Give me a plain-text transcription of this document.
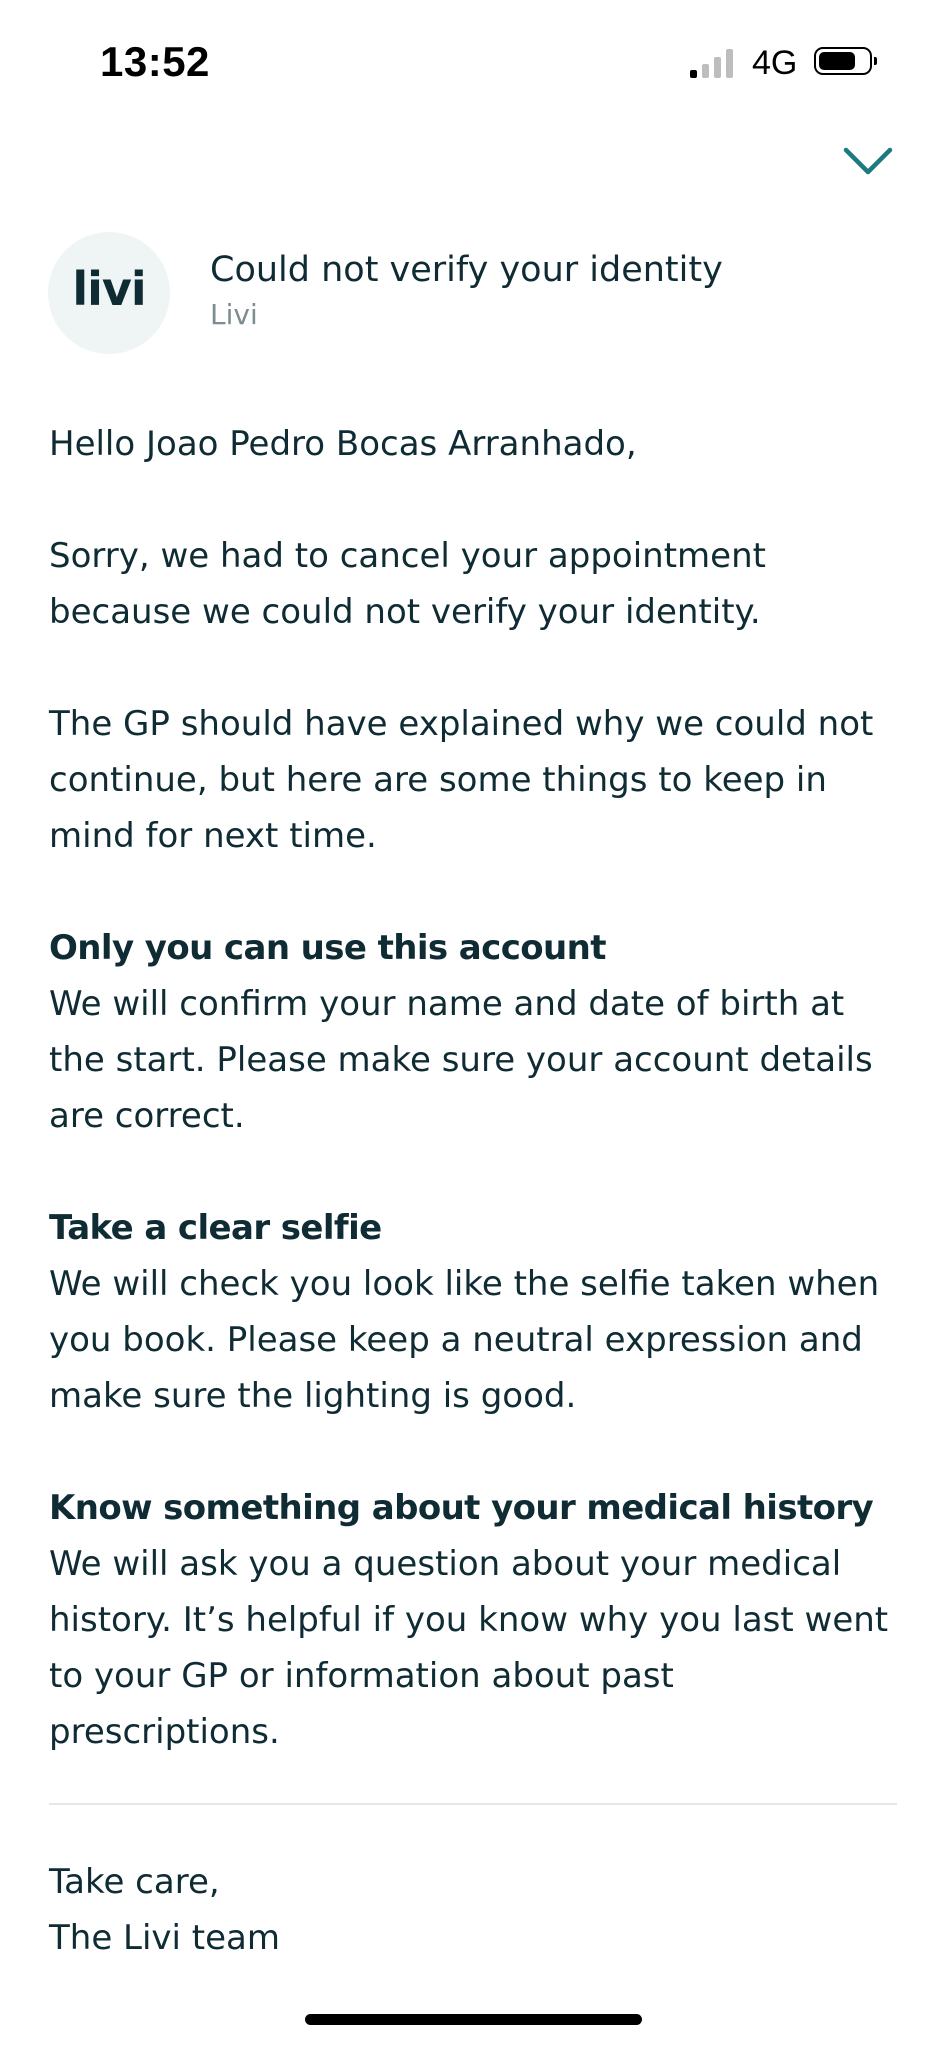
13:52	4G
livi	Could not verify your identity
Livi

Hello Joao Pedro Bocas Arranhado,

Sorry, we had to cancel your appointment because we could not verify your identity.

The GP should have explained why we could not continue, but here are some things to keep in mind for next time.

Only you can use this account
We will confirm your name and date of birth at the start. Please make sure your account details are correct.
Take a clear selfie
We will check you look like the selfie taken when you book. Please keep a neutral expression and make sure the lighting is good.
Know something about your medical history
We will ask you a question about your medical history. It’s helpful if you know why you last went to your GP or information about past prescriptions.
Take care,
The Livi team
